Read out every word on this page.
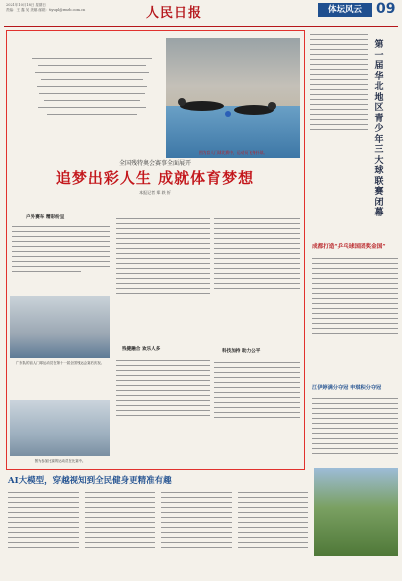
2021年10月18日 星期日
责编：王 鑫 吴 美娜 邮箱：tiyupl@rmrb.com.cn	人民日报	体坛风云	09
图为盲人门球比赛中，运动员飞身扑球。
全国残特奥会赛事全面展开
追梦出彩人生 成就体育梦想
本报记者 郑 轶 忻
户外赛车 精彩纷呈
广东队的盲人门球运动员在第十一届全国残运会赛后庆祝。
图为参加比赛的运动员在比赛中。
残健融合 欢乐人多	科技加持 助力公平
第一届华北地区青少年三大球联赛闭幕
成都打造“乒乓球国团奖金国”
江伊婷满分夺冠 申琪积分夺冠
AI大模型，穿越视知到全民健身更精准有趣
